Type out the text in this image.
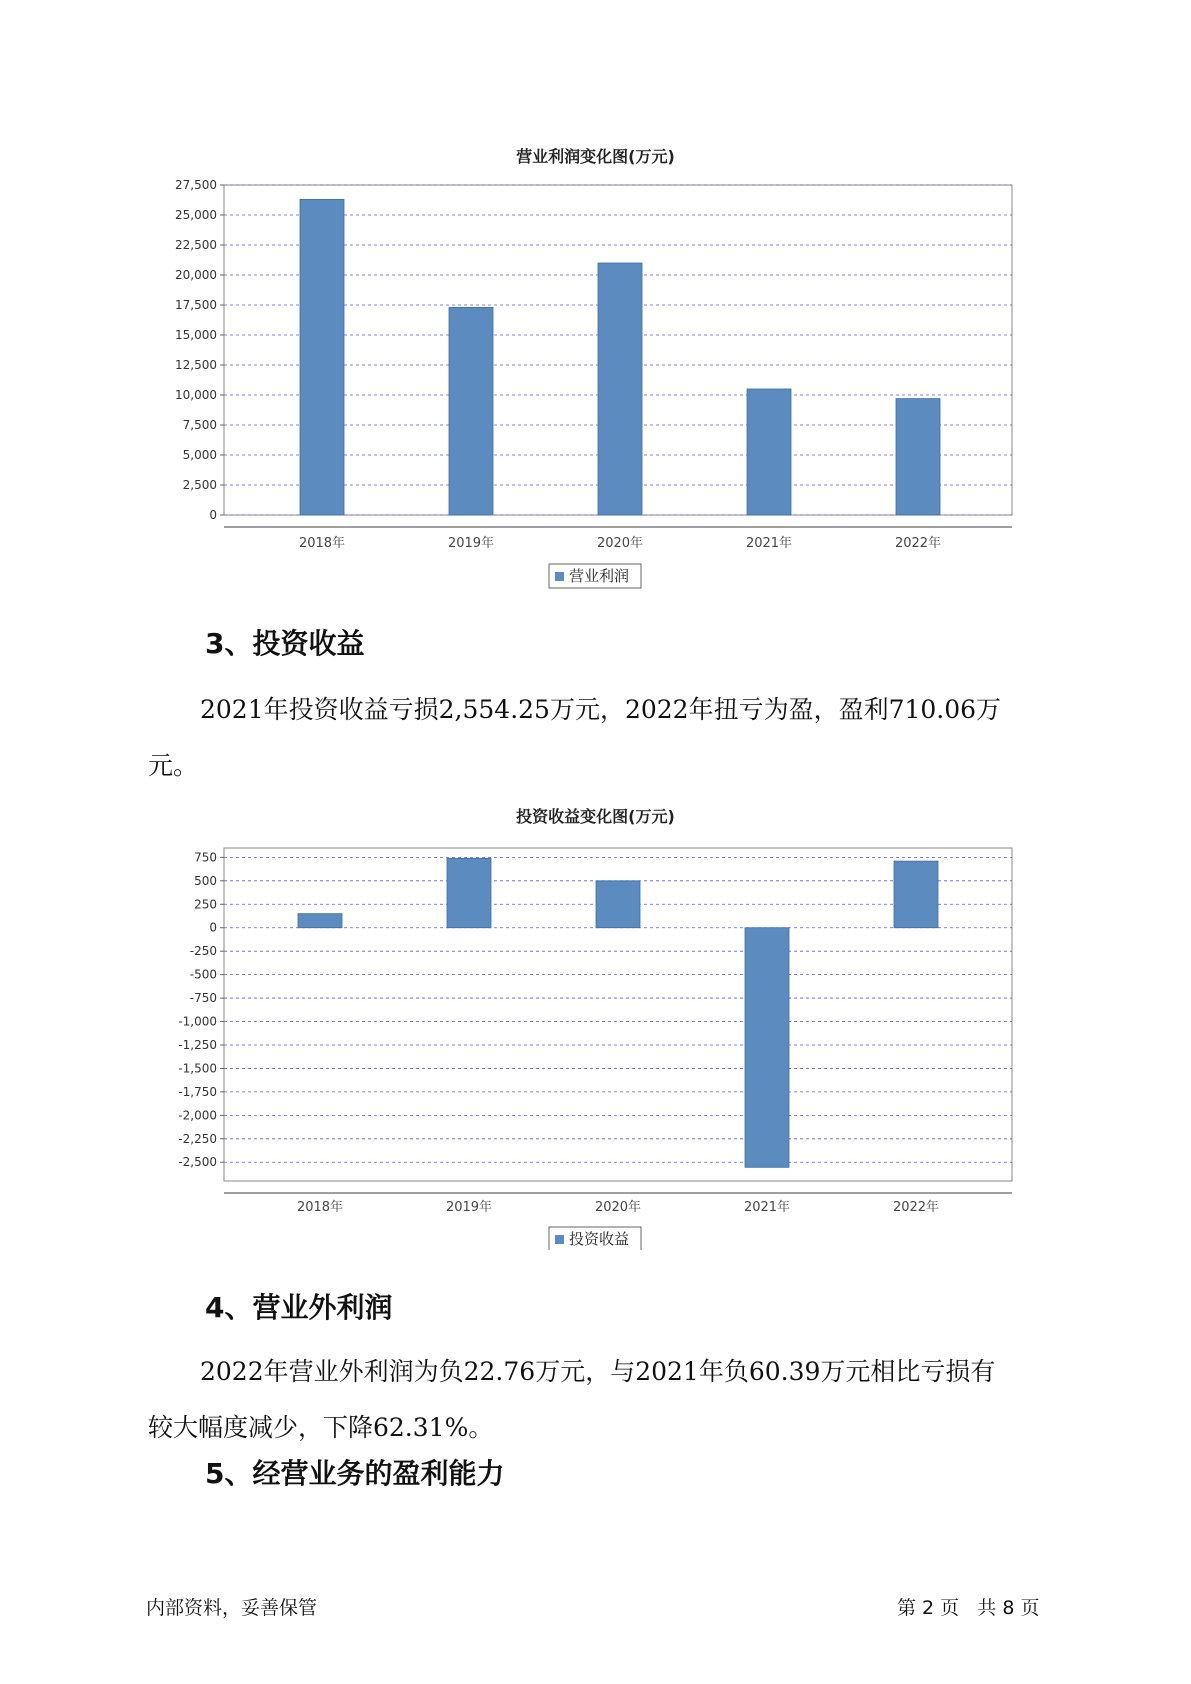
营业利润变化图(万元)
0
2,500
5,000
7,500
10,000
12,500
15,000
17,500
20,000
22,500
25,000
27,500
2018年	2019年	2020年	2021年	2022年
营业利润
3、投资收益

2021年投资收益亏损2,554.25万元，2022年扭亏为盈，盈利710.06万
元。

投资收益变化图(万元)
750
500
250
0
-250
-500
-750
-1,000
-1,250
-1,500
-1,750
-2,000
-2,250
-2,500
2018年	2019年	2020年	2021年	2022年
投资收益
4、营业外利润

2022年营业外利润为负22.76万元，与2021年负60.39万元相比亏损有
较大幅度减少，下降62.31%。

5、经营业务的盈利能力
内部资料，妥善保管	第 2 页   共 8 页
